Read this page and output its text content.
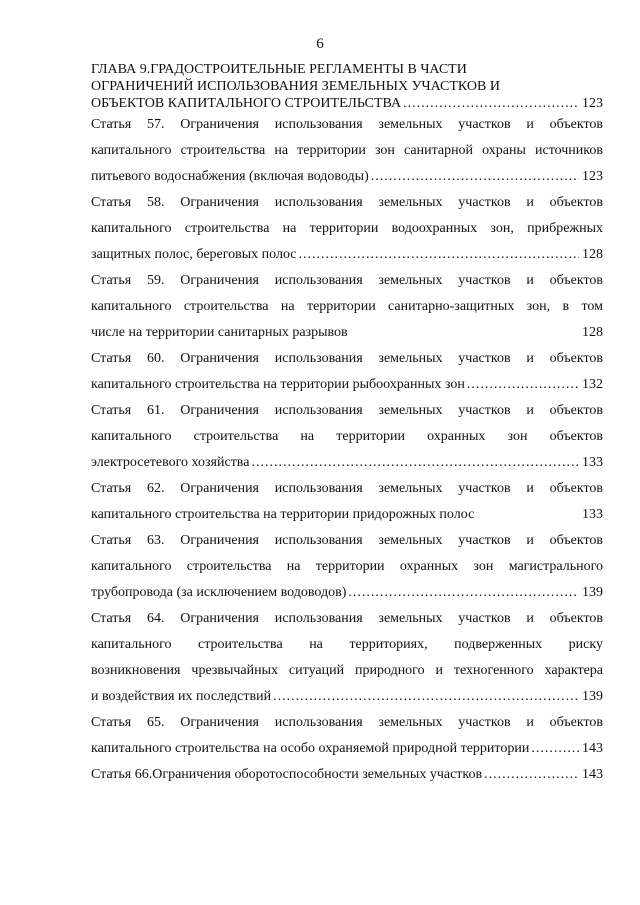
6
ГЛАВА 9.ГРАДОСТРОИТЕЛЬНЫЕ РЕГЛАМЕНТЫ В ЧАСТИ
ОГРАНИЧЕНИЙ ИСПОЛЬЗОВАНИЯ ЗЕМЕЛЬНЫХ УЧАСТКОВ И
ОБЪЕКТОВ КАПИТАЛЬНОГО СТРОИТЕЛЬСТВА .....	123
Статья 57. Ограничения использования земельных участков и объектов
капитального строительства на территории зон санитарной охраны источников
питьевого водоснабжения (включая водоводы) .....	123
Статья 58. Ограничения использования земельных участков и объектов
капитального строительства на территории водоохранных зон, прибрежных
защитных полос, береговых полос .....	128
Статья 59. Ограничения использования земельных участков и объектов
капитального строительства на территории санитарно-защитных зон, в том
числе на территории санитарных разрывов	128
Статья 60. Ограничения использования земельных участков и объектов
капитального строительства на территории рыбоохранных зон .....	132
Статья 61. Ограничения использования земельных участков и объектов
капитального строительства на территории охранных зон объектов
электросетевого хозяйства .....	133
Статья 62. Ограничения использования земельных участков и объектов
капитального строительства на территории придорожных полос	133
Статья 63. Ограничения использования земельных участков и объектов
капитального строительства на территории охранных зон магистрального
трубопровода (за исключением водоводов) .....	139
Статья 64. Ограничения использования земельных участков и объектов
капитального строительства на территориях, подверженных риску
возникновения чрезвычайных ситуаций природного и техногенного характера
и воздействия их последствий .....	139
Статья 65. Ограничения использования земельных участков и объектов
капитального строительства на особо охраняемой природной территории .....	143
Статья 66.Ограничения оборотоспособности земельных участков .....	143
